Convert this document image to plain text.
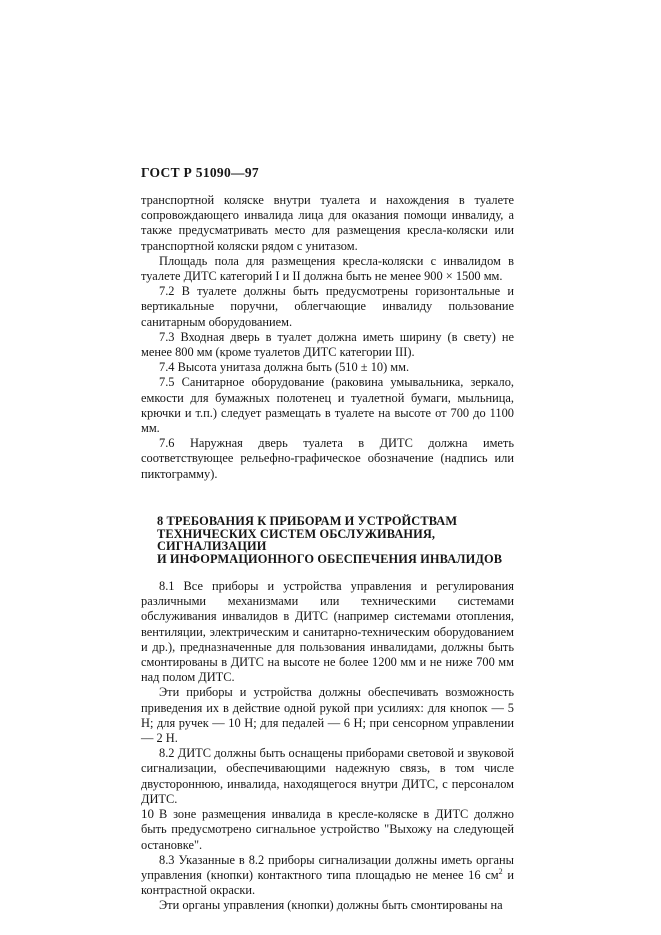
ГОСТ Р 51090—97

транспортной коляске внутри туалета и нахождения в туалете сопровождающего инвалида лица для оказания помощи инвалиду, а также предусматривать место для размещения кресла-коляски или транспортной коляски рядом с унитазом.

Площадь пола для размещения кресла-коляски с инвалидом в туалете ДИТС категорий I и II должна быть не менее 900 × 1500 мм.

7.2 В туалете должны быть предусмотрены горизонтальные и вертикальные поручни, облегчающие инвалиду пользование санитарным оборудованием.

7.3 Входная дверь в туалет должна иметь ширину (в свету) не менее 800 мм (кроме туалетов ДИТС категории III).

7.4 Высота унитаза должна быть (510 ± 10) мм.

7.5 Санитарное оборудование (раковина умывальника, зеркало, емкости для бумажных полотенец и туалетной бумаги, мыльница, крючки и т.п.) следует размещать в туалете на высоте от 700 до 1100 мм.

7.6 Наружная дверь туалета в ДИТС должна иметь соответствующее рельефно-графическое обозначение (надпись или пиктограмму).

8 ТРЕБОВАНИЯ К ПРИБОРАМ И УСТРОЙСТВАМ
ТЕХНИЧЕСКИХ СИСТЕМ ОБСЛУЖИВАНИЯ, СИГНАЛИЗАЦИИ
И ИНФОРМАЦИОННОГО ОБЕСПЕЧЕНИЯ ИНВАЛИДОВ

8.1 Все приборы и устройства управления и регулирования различными механизмами или техническими системами обслуживания инвалидов в ДИТС (например системами отопления, вентиляции, электрическим и санитарно-техническим оборудованием и др.), предназначенные для пользования инвалидами, должны быть смонтированы в ДИТС на высоте не более 1200 мм и не ниже 700 мм над полом ДИТС.

Эти приборы и устройства должны обеспечивать возможность приведения их в действие одной рукой при усилиях: для кнопок — 5 Н; для ручек — 10 Н; для педалей — 6 Н; при сенсорном управлении — 2 Н.

8.2 ДИТС должны быть оснащены приборами световой и звуковой сигнализации, обеспечивающими надежную связь, в том числе двустороннюю, инвалида, находящегося внутри ДИТС, с персоналом ДИТС.

В зоне размещения инвалида в кресле-коляске в ДИТС должно быть предусмотрено сигнальное устройство "Выхожу на следующей остановке".

8.3 Указанные в 8.2 приборы сигнализации должны иметь органы управления (кнопки) контактного типа площадью не менее 16 $см^2$ и контрастной окраски.

Эти органы управления (кнопки) должны быть смонтированы на

10
